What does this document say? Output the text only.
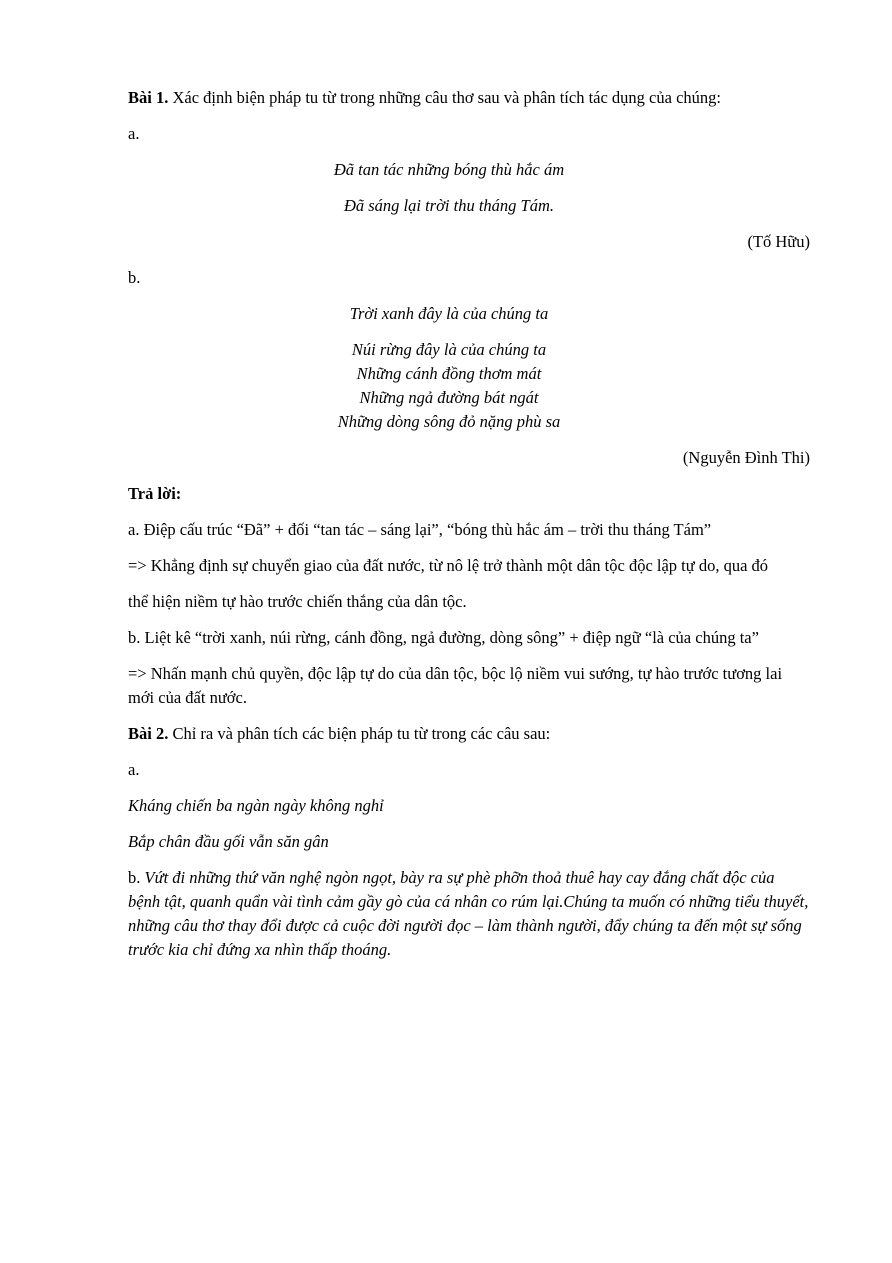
Bài 1. Xác định biện pháp tu từ trong những câu thơ sau và phân tích tác dụng của chúng:

a.

Đã tan tác những bóng thù hắc ám

Đã sáng lại trời thu tháng Tám.

(Tố Hữu)

b.

Trời xanh đây là của chúng ta

Núi rừng đây là của chúng ta

Những cánh đồng thơm mát

Những ngả đường bát ngát

Những dòng sông đỏ nặng phù sa

(Nguyễn Đình Thi)

Trả lời:

a. Điệp cấu trúc “Đã” + đối “tan tác – sáng lại”, “bóng thù hắc ám – trời thu tháng Tám”

=> Khẳng định sự chuyển giao của đất nước, từ nô lệ trở thành một dân tộc độc lập tự do, qua đó

thể hiện niềm tự hào trước chiến thắng của dân tộc.

b. Liệt kê “trời xanh, núi rừng, cánh đồng, ngả đường, dòng sông” + điệp ngữ “là của chúng ta”

=> Nhấn mạnh chủ quyền, độc lập tự do của dân tộc, bộc lộ niềm vui sướng, tự hào trước tương lai mới của đất nước.

Bài 2. Chỉ ra và phân tích các biện pháp tu từ trong các câu sau:

a.

Kháng chiến ba ngàn ngày không nghỉ

Bắp chân đầu gối vẫn săn gân

b. Vứt đi những thứ văn nghệ ngòn ngọt, bày ra sự phè phỡn thoả thuê hay cay đắng chất độc của bệnh tật, quanh quẩn vài tình cảm gầy gò của cá nhân co rúm lại.Chúng ta muốn có những tiểu thuyết, những câu thơ thay đổi được cả cuộc đời người đọc – làm thành người, đẩy chúng ta đến một sự sống trước kia chỉ đứng xa nhìn thấp thoáng.
